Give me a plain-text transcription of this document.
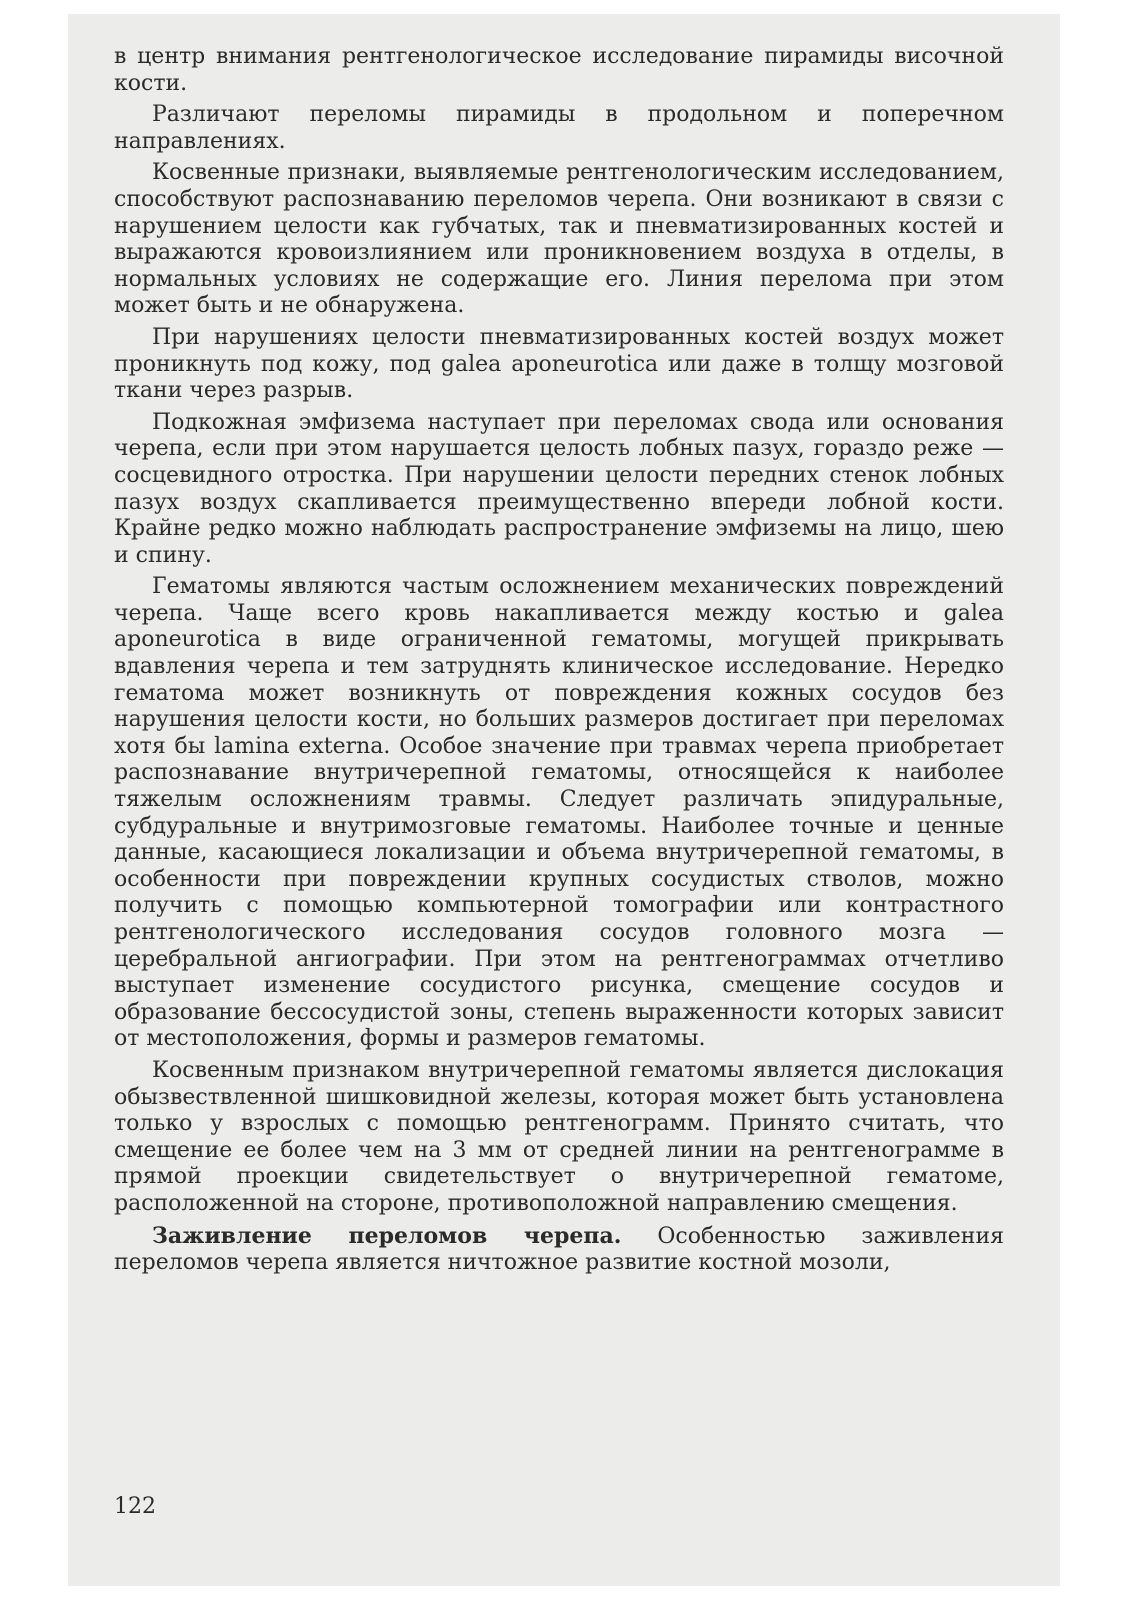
в центр внимания рентгенологическое исследование пирамиды височной кости.

Различают переломы пирамиды в продольном и поперечном направлениях.

Косвенные признаки, выявляемые рентгенологическим исследованием, способствуют распознаванию переломов черепа. Они возникают в связи с нарушением целости как губчатых, так и пневматизированных костей и выражаются кровоизлиянием или проникновением воздуха в отделы, в нормальных условиях не содержащие его. Линия перелома при этом может быть и не обнаружена.

При нарушениях целости пневматизированных костей воздух может проникнуть под кожу, под galea aponeurotica или даже в толщу мозговой ткани через разрыв.

Подкожная эмфизема наступает при переломах свода или основания черепа, если при этом нарушается целость лобных пазух, гораздо реже — сосцевидного отростка. При нарушении целости передних стенок лобных пазух воздух скапливается преимущественно впереди лобной кости. Крайне редко можно наблюдать распространение эмфиземы на лицо, шею и спину.

Гематомы являются частым осложнением механических повреждений черепа. Чаще всего кровь накапливается между костью и galea aponeurotica в виде ограниченной гематомы, могущей прикрывать вдавления черепа и тем затруднять клиническое исследование. Нередко гематома может возникнуть от повреждения кожных сосудов без нарушения целости кости, но больших размеров достигает при переломах хотя бы lamina externa. Особое значение при травмах черепа приобретает распознавание внутричерепной гематомы, относящейся к наиболее тяжелым осложнениям травмы. Следует различать эпидуральные, субдуральные и внутримозговые гематомы. Наиболее точные и ценные данные, касающиеся локализации и объема внутричерепной гематомы, в особенности при повреждении крупных сосудистых стволов, можно получить с помощью компьютерной томографии или контрастного рентгенологического исследования сосудов головного мозга — церебральной ангиографии. При этом на рентгенограммах отчетливо выступает изменение сосудистого рисунка, смещение сосудов и образование бессосудистой зоны, степень выраженности которых зависит от местоположения, формы и размеров гематомы.

Косвенным признаком внутричерепной гематомы является дислокация обызвествленной шишковидной железы, которая может быть установлена только у взрослых с помощью рентгенограмм. Принято считать, что смещение ее более чем на 3 мм от средней линии на рентгенограмме в прямой проекции свидетельствует о внутричерепной гематоме, расположенной на стороне, противоположной направлению смещения.

Заживление переломов черепа. Особенностью заживления переломов черепа является ничтожное развитие костной мозоли,

122
